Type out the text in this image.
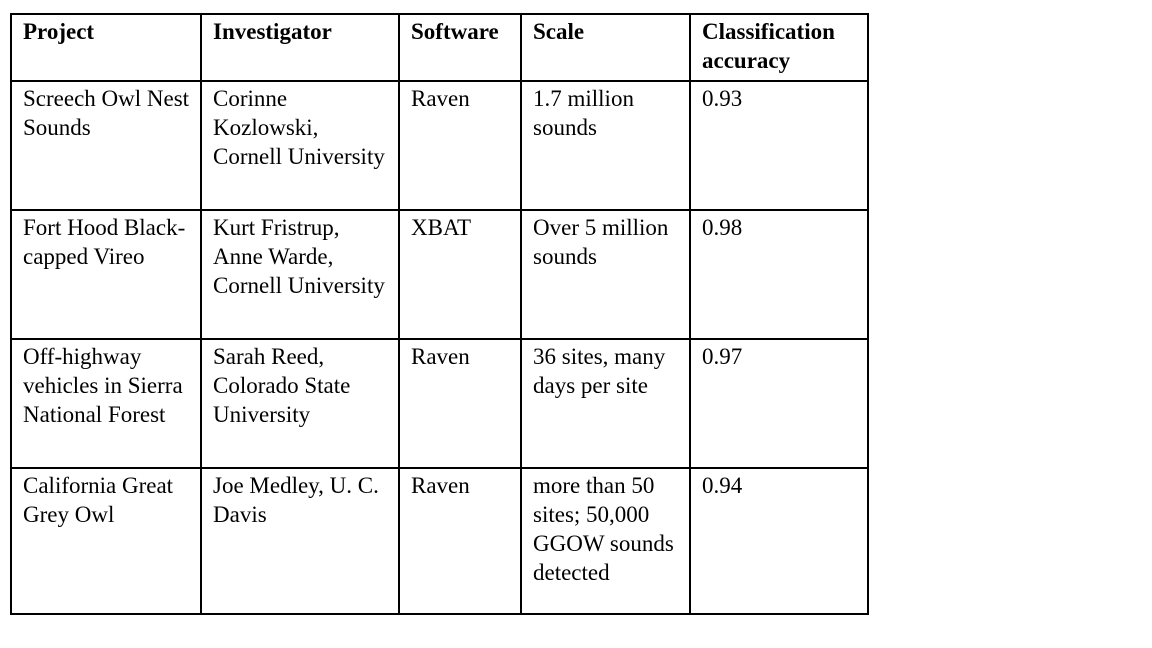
Project	Investigator	Software	Scale	Classification accuracy
Screech Owl Nest Sounds	Corinne Kozlowski, Cornell University	Raven	1.7 million sounds	0.93
Fort Hood Black-capped Vireo	Kurt Fristrup, Anne Warde, Cornell University	XBAT	Over 5 million sounds	0.98
Off-highway vehicles in Sierra National Forest	Sarah Reed, Colorado State University	Raven	36 sites, many days per site	0.97
California Great Grey Owl	Joe Medley, U. C. Davis	Raven	more than 50 sites; 50,000 GGOW sounds detected	0.94
